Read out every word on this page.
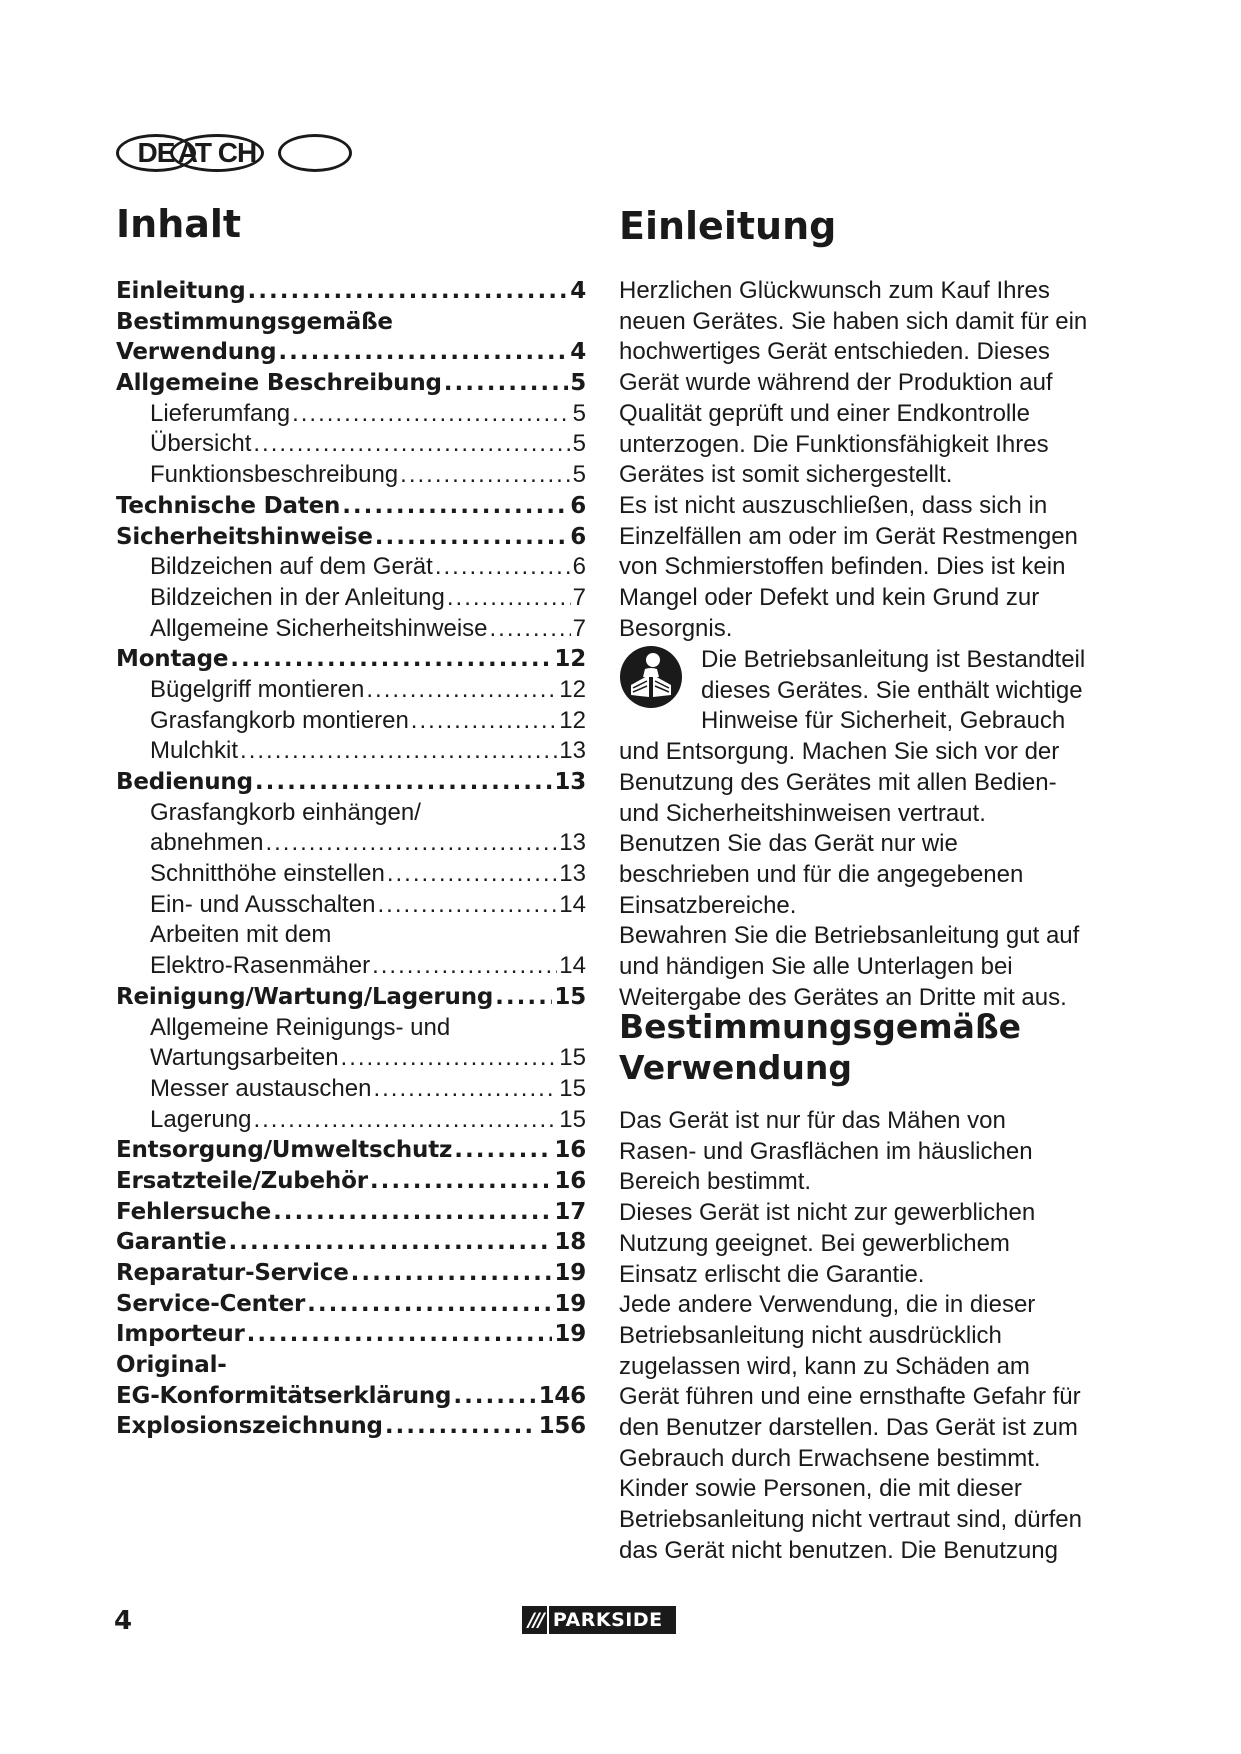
DE AT CH
Inhalt
Einleitung .....	4
Bestimmungsgemäße
Verwendung .....	4
Allgemeine Beschreibung .....	5
Lieferumfang .....	5
Übersicht .....	5
Funktionsbeschreibung .....	5
Technische Daten .....	6
Sicherheitshinweise .....	6
Bildzeichen auf dem Gerät .....	6
Bildzeichen in der Anleitung .....	7
Allgemeine Sicherheitshinweise .....	7
Montage .....	12
Bügelgriff montieren .....	12
Grasfangkorb montieren .....	12
Mulchkit .....	13
Bedienung .....	13
Grasfangkorb einhängen/
abnehmen .....	13
Schnitthöhe einstellen .....	13
Ein- und Ausschalten .....	14
Arbeiten mit dem
Elektro-Rasenmäher .....	14
Reinigung/Wartung/Lagerung .....	15
Allgemeine Reinigungs- und
Wartungsarbeiten .....	15
Messer austauschen .....	15
Lagerung .....	15
Entsorgung/Umweltschutz .....	16
Ersatzteile/Zubehör .....	16
Fehlersuche .....	17
Garantie .....	18
Reparatur-Service .....	19
Service-Center .....	19
Importeur .....	19
Original-
EG-Konformitätserklärung .....	146
Explosionszeichnung .....	156
Einleitung

Herzlichen Glückwunsch zum Kauf Ihres neuen Gerätes. Sie haben sich damit für ein hochwertiges Gerät entschieden. Dieses Gerät wurde während der Produktion auf Qualität geprüft und einer Endkontrolle unterzogen. Die Funktionsfähigkeit Ihres Gerätes ist somit sichergestellt.

Es ist nicht auszuschließen, dass sich in Einzelfällen am oder im Gerät Restmengen von Schmierstoffen befinden. Dies ist kein Mangel oder Defekt und kein Grund zur Besorgnis.

Die Betriebsanleitung ist Bestandteil dieses Gerätes. Sie enthält wichtige Hinweise für Sicherheit, Gebrauch und Entsorgung. Machen Sie sich vor der Benutzung des Gerätes mit allen Bedien- und Sicherheitshinweisen vertraut. Benutzen Sie das Gerät nur wie beschrieben und für die angegebenen Einsatzbereiche.

Bewahren Sie die Betriebsanleitung gut auf und händigen Sie alle Unterlagen bei Weitergabe des Gerätes an Dritte mit aus.

Bestimmungsgemäße Verwendung

Das Gerät ist nur für das Mähen von Rasen- und Grasflächen im häuslichen Bereich bestimmt.

Dieses Gerät ist nicht zur gewerblichen Nutzung geeignet. Bei gewerblichem Einsatz erlischt die Garantie.

Jede andere Verwendung, die in dieser Betriebsanleitung nicht ausdrücklich zugelassen wird, kann zu Schäden am Gerät führen und eine ernsthafte Gefahr für den Benutzer darstellen. Das Gerät ist zum Gebrauch durch Erwachsene bestimmt. Kinder sowie Personen, die mit dieser Betriebsanleitung nicht vertraut sind, dürfen das Gerät nicht benutzen. Die Benutzung

4	/// PARKSIDE
